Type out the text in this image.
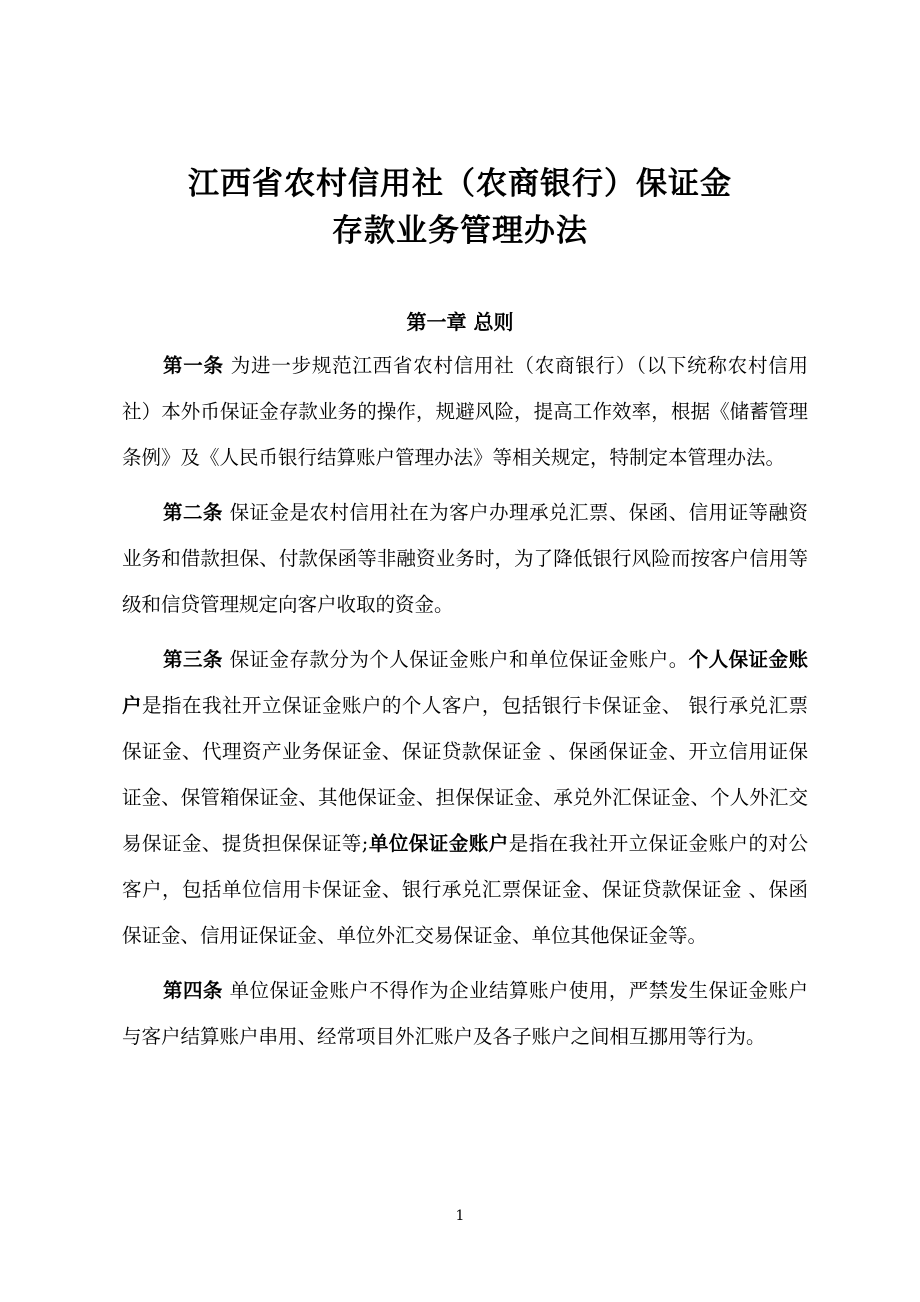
江西省农村信用社（农商银行）保证金
存款业务管理办法
第一章 总则

第一条 为进一步规范江西省农村信用社（农商银行）（以下统称农村信用社）本外币保证金存款业务的操作，规避风险，提高工作效率，根据《储蓄管理条例》及《人民币银行结算账户管理办法》等相关规定，特制定本管理办法。

第二条 保证金是农村信用社在为客户办理承兑汇票、保函、信用证等融资业务和借款担保、付款保函等非融资业务时，为了降低银行风险而按客户信用等级和信贷管理规定向客户收取的资金。

第三条 保证金存款分为个人保证金账户和单位保证金账户。个人保证金账户是指在我社开立保证金账户的个人客户，包括银行卡保证金、 银行承兑汇票保证金、代理资产业务保证金、保证贷款保证金 、保函保证金、开立信用证保证金、保管箱保证金、其他保证金、担保保证金、承兑外汇保证金、个人外汇交易保证金、提货担保保证等;单位保证金账户是指在我社开立保证金账户的对公客户，包括单位信用卡保证金、银行承兑汇票保证金、保证贷款保证金 、保函保证金、信用证保证金、单位外汇交易保证金、单位其他保证金等。

第四条 单位保证金账户不得作为企业结算账户使用，严禁发生保证金账户与客户结算账户串用、经常项目外汇账户及各子账户之间相互挪用等行为。

1
